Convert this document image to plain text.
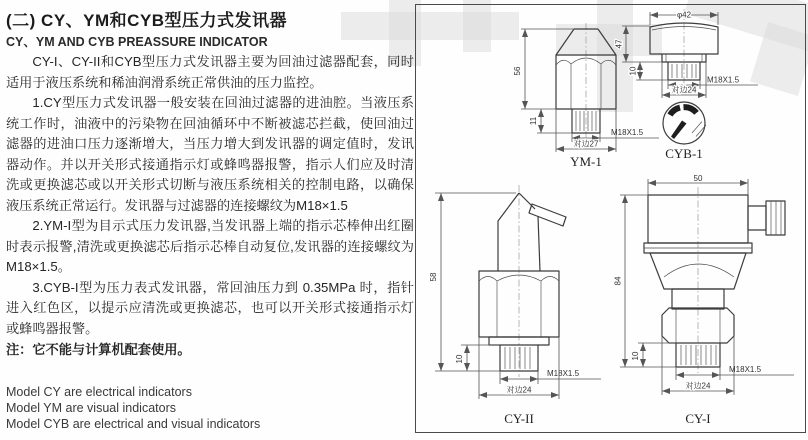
(二) CY、YM和CYB型压力式发讯器
CY、YM AND CYB PREASSURE INDICATOR

CY-I、CY-II和CYB型压力式发讯器主要为回油过滤器配套，同时适用于液压系统和稀油润滑系统正常供油的压力监控。

1.CY型压力式发讯器一般安装在回油过滤器的进油腔。当液压系统工作时，油液中的污染物在回油循环中不断被滤芯拦截，使回油过滤器的进油口压力逐渐增大，当压力增大到发讯器的调定值时，发讯器动作。并以开关形式接通指示灯或蜂鸣器报警，指示人们应及时清洗或更换滤芯或以开关形式切断与液压系统相关的控制电路，以确保液压系统正常运行。发讯器与过滤器的连接螺纹为M18×1.5

2.YM-I型为目示式压力发讯器,当发讯器上端的指示芯棒伸出红圈时表示报警,清洗或更换滤芯后指示芯棒自动复位,发讯器的连接螺纹为M18×1.5。

3.CYB-I型为压力表式发讯器，常回油压力到 0.35MPa 时，指针进入红色区，以提示应清洗或更换滤芯，也可以开关形式接通指示灯或蜂鸣器报警。

注：它不能与计算机配套使用。

Model CY are electrical indicators
Model YM are visual indicators
Model CYB are electrical and visual indicators
56
11
M18X1.5
对边27
YM-1
φ42
47
10
M18X1.5
对边24
CYB-1
58
10
M18X1.5
对边24
CY-II
50
84
10
M18X1.5
对边24
CY-I
